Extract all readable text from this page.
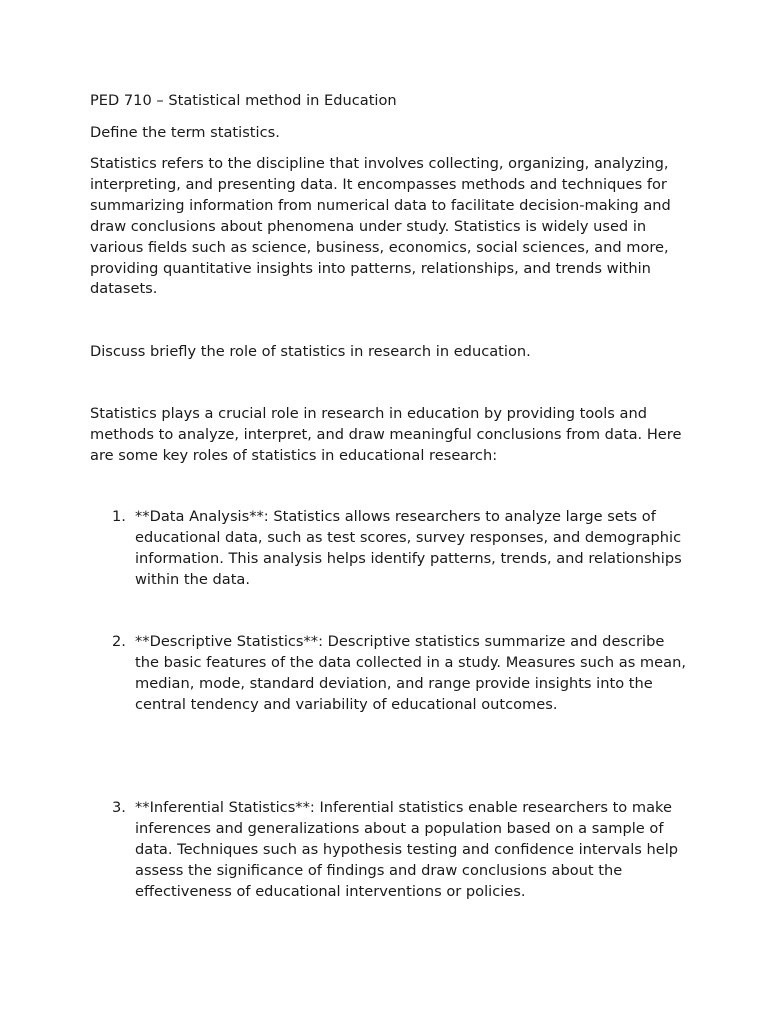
PED 710 – Statistical method in Education

Define the term statistics.

Statistics refers to the discipline that involves collecting, organizing, analyzing, interpreting, and presenting data. It encompasses methods and techniques for summarizing information from numerical data to facilitate decision-making and draw conclusions about phenomena under study. Statistics is widely used in various fields such as science, business, economics, social sciences, and more, providing quantitative insights into patterns, relationships, and trends within datasets.

Discuss briefly the role of statistics in research in education.

Statistics plays a crucial role in research in education by providing tools and methods to analyze, interpret, and draw meaningful conclusions from data. Here are some key roles of statistics in educational research:

1. **Data Analysis**: Statistics allows researchers to analyze large sets of educational data, such as test scores, survey responses, and demographic information. This analysis helps identify patterns, trends, and relationships within the data.

2. **Descriptive Statistics**: Descriptive statistics summarize and describe the basic features of the data collected in a study. Measures such as mean, median, mode, standard deviation, and range provide insights into the central tendency and variability of educational outcomes.

3. **Inferential Statistics**: Inferential statistics enable researchers to make inferences and generalizations about a population based on a sample of data. Techniques such as hypothesis testing and confidence intervals help assess the significance of findings and draw conclusions about the effectiveness of educational interventions or policies.
